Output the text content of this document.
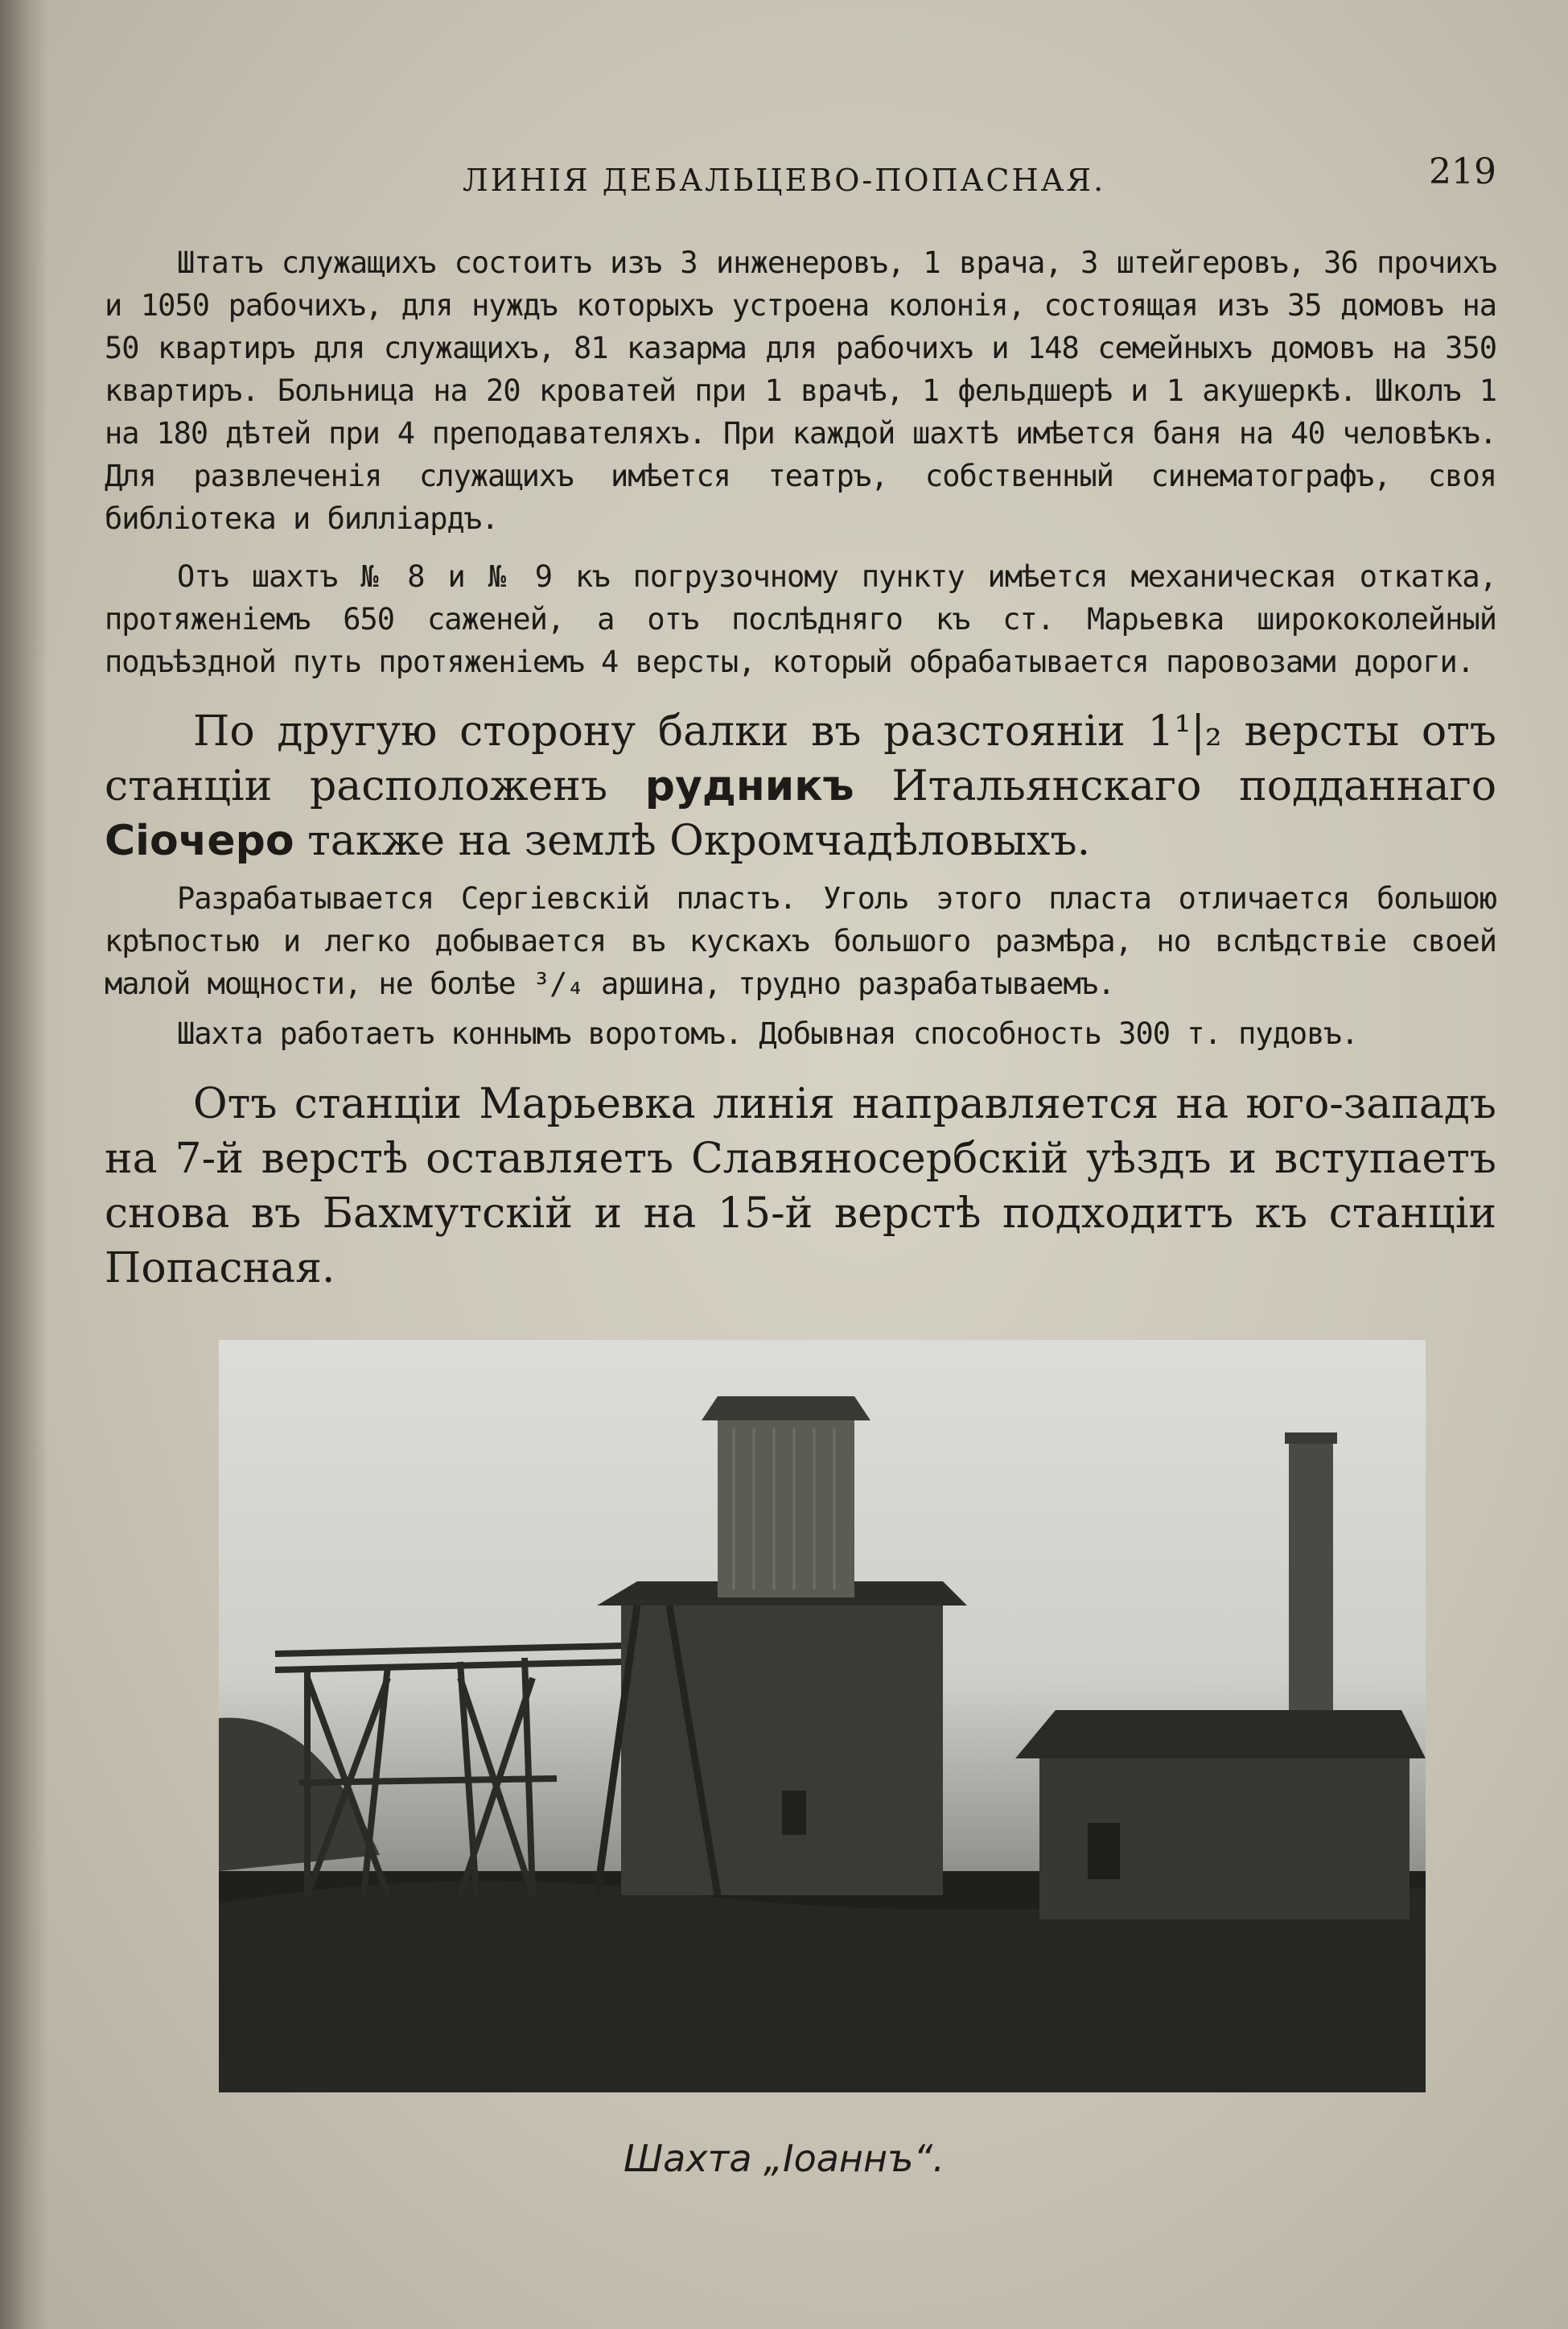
ЛИНІЯ ДЕБАЛЬЦЕВО-ПОПАСНАЯ.	219

Штатъ служащихъ состоитъ изъ 3 инженеровъ, 1 врача, 3 штейгеровъ, 36 прочихъ и 1050 рабочихъ, для нуждъ которыхъ устроена колонія, состоящая изъ 35 домовъ на 50 квартиръ для служащихъ, 81 казарма для рабочихъ и 148 семейныхъ домовъ на 350 квартиръ. Больница на 20 кроватей при 1 врачѣ, 1 фельдшерѣ и 1 акушеркѣ. Школъ 1 на 180 дѣтей при 4 преподавателяхъ. При каждой шахтѣ имѣется баня на 40 человѣкъ. Для развлеченія служащихъ имѣется театръ, собственный синематографъ, своя библіотека и билліардъ.

Отъ шахтъ № 8 и № 9 къ погрузочному пункту имѣется механическая откатка, протяженіемъ 650 саженей, а отъ послѣдняго къ ст. Марьевка ширококолейный подъѣздной путь протяженіемъ 4 версты, который обрабатывается паровозами дороги.

По другую сторону балки въ разстояніи 1¹|₂ версты отъ станціи расположенъ рудникъ Итальянскаго подданнаго Сіочеро также на землѣ Окромчадѣловыхъ.

Разрабатывается Сергіевскій пластъ. Уголь этого пласта отличается большою крѣпостью и легко добывается въ кускахъ большого размѣра, но вслѣдствіе своей малой мощности, не болѣе ³/₄ аршина, трудно разрабатываемъ.

Шахта работаетъ коннымъ воротомъ. Добывная способность 300 т. пудовъ.

Отъ станціи Марьевка линія направляется на юго-западъ на 7-й верстѣ оставляетъ Славяносербскій уѣздъ и вступаетъ снова въ Бахмутскій и на 15-й верстѣ подходитъ къ станціи Попасная.

Шахта „Іоаннъ“.
